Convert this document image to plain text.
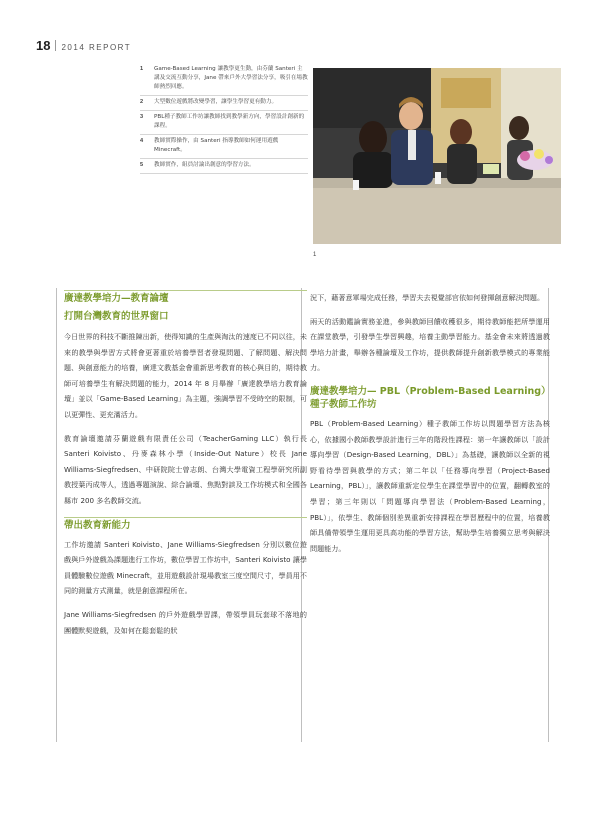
18 2014 REPORT
1	Game-Based Learning 讓教學更生動，由芬蘭 Santeri 主講及交流互動分享，Jane 帶來戶外大學習法分享，吸引在場教師熱烈回應。
2	大型數位遊戲將改變學習，讓學生學習更有動力。
3	PBL種子教師工作坊讓教師找到教學新方向，學習設計創新的課程。
4	教師實際操作，由 Santeri 指導教師如何運用遊戲 Minecraft。
5	教師實作，組員討論出創意的學習方法。
1
廣達教學培力—教育論壇
打開台灣教育的世界窗口

今日世界的科技不斷推陳出新，使得知識的生產與淘汰的速度已不同以往，未來的教學與學習方式將會更著重於培養學習者發現問題、了解問題、解決問題、與創意能力的培養，廣達文教基金會重新思考教育的核心與目的，期待教師可培養學生有解決問題的能力，2014 年 8 月舉辦「廣達教學培力教育論壇」並以「Game-Based Learning」為主題，強調學習不受時空的限制，可以更彈性、更充滿活力。

教育論壇邀請芬蘭遊戲有限責任公司（TeacherGaming LLC）執行長 Santeri Koivisto、丹麥森林小學（Inside-Out Nature）校長 Jane Williams-Siegfredsen、中研院院士曾志朗、台灣大學電資工程學研究所副教授葉丙成等人，透過專題演說、綜合論壇、焦點對談及工作坊模式和全國各縣市 200 多名教師交流。

帶出教育新能力

工作坊邀請 Santeri Koivisto、Jane Williams-Siegfredsen 分別以數位遊戲與戶外遊戲為課題進行工作坊，數位學習工作坊中，Santeri Koivisto 讓學員體驗數位遊戲 Minecraft，並用遊戲設計現場教室三度空間尺寸，學員用不同的測量方式測量，就是創意課程所在。

Jane Williams-Siegfredsen 的戶外遊戲學習課，帶領學員玩套球不落地的團體默契遊戲，及如何在鬆套鬆的狀

況下，藉著意軍場完成任務，學習夫去視覺部官依如何發揮創意解決問題。

兩天的活動鑑論實務並進，參與教師回饋收穫很多，期待教師能把所學運用在課堂教學，引發學生學習興趣，培養主動學習能力。基金會未來將透過教學培力計畫，舉辦各種論壇及工作坊，提供教師提升創新教學模式的專業能力。

廣達教學培力— PBL（Problem-Based Learning）種子教師工作坊

PBL（Problem-Based Learning）種子教師工作坊以問題學習方法為核心，依據國小教師教學設計進行三年的階段性課程：第一年讓教師以「設計導向學習（Design-Based Learning，DBL）」為基礎，讓教師以全新的視野看待學習與教學的方式；第二年以「任務導向學習（Project-Based Learning，PBL）」，讓教師重新定位學生在課堂學習中的位置，翻轉教室的學習；第三年則以「問題導向學習法（Problem-Based Learning，PBL）」，依學生、教師個別差異重新安排課程在學習歷程中的位置，培養教師具備帶領學生運用更具高功能的學習方法，幫助學生培養獨立思考與解決問題能力。
